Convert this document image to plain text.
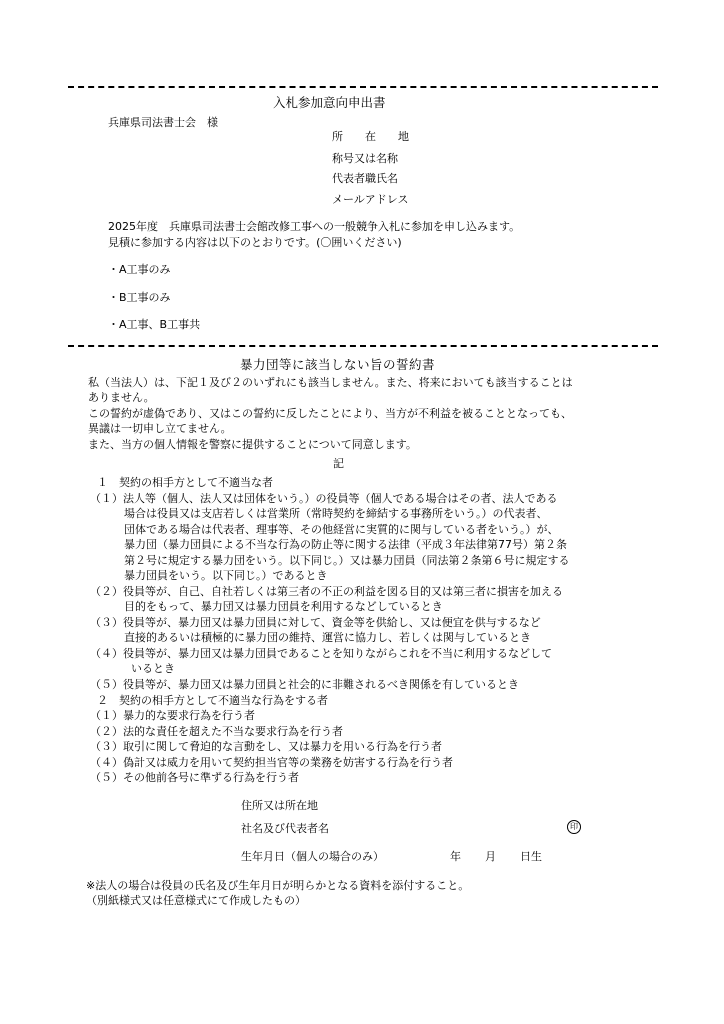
入札参加意向申出書
兵庫県司法書士会　様
所　　在　　地
称号又は名称
代表者職氏名
メールアドレス
2025年度　兵庫県司法書士会館改修工事への一般競争入札に参加を申し込みます。
見積に参加する内容は以下のとおりです。(〇囲いください)
・A工事のみ
・B工事のみ
・A工事、B工事共
暴力団等に該当しない旨の誓約書
私（当法人）は、下記１及び２のいずれにも該当しません。また、将来においても該当することは
ありません。
この誓約が虚偽であり、又はこの誓約に反したことにより、当方が不利益を被ることとなっても、
異議は一切申し立てません。
また、当方の個人情報を警察に提供することについて同意します。
記
１　契約の相手方として不適当な者
（１）法人等（個人、法人又は団体をいう。）の役員等（個人である場合はその者、法人である
場合は役員又は支店若しくは営業所（常時契約を締結する事務所をいう。）の代表者、
団体である場合は代表者、理事等、その他経営に実質的に関与している者をいう。）が、
暴力団（暴力団員による不当な行為の防止等に関する法律（平成３年法律第77号）第２条
第２号に規定する暴力団をいう。以下同じ。）又は暴力団員（同法第２条第６号に規定する
暴力団員をいう。以下同じ。）であるとき
（２）役員等が、自己、自社若しくは第三者の不正の利益を図る目的又は第三者に損害を加える
目的をもって、暴力団又は暴力団員を利用するなどしているとき
（３）役員等が、暴力団又は暴力団員に対して、資金等を供給し、又は便宜を供与するなど
直接的あるいは積極的に暴力団の維持、運営に協力し、若しくは関与しているとき
（４）役員等が、暴力団又は暴力団員であることを知りながらこれを不当に利用するなどして
いるとき
（５）役員等が、暴力団又は暴力団員と社会的に非難されるべき関係を有しているとき
２　契約の相手方として不適当な行為をする者
（１）暴力的な要求行為を行う者
（２）法的な責任を超えた不当な要求行為を行う者
（３）取引に関して脅迫的な言動をし、又は暴力を用いる行為を行う者
（４）偽計又は威力を用いて契約担当官等の業務を妨害する行為を行う者
（５）その他前各号に準ずる行為を行う者
住所又は所在地
社名及び代表者名	印
生年月日（個人の場合のみ）	年 月 日生
※法人の場合は役員の氏名及び生年月日が明らかとなる資料を添付すること。
（別紙様式又は任意様式にて作成したもの）
